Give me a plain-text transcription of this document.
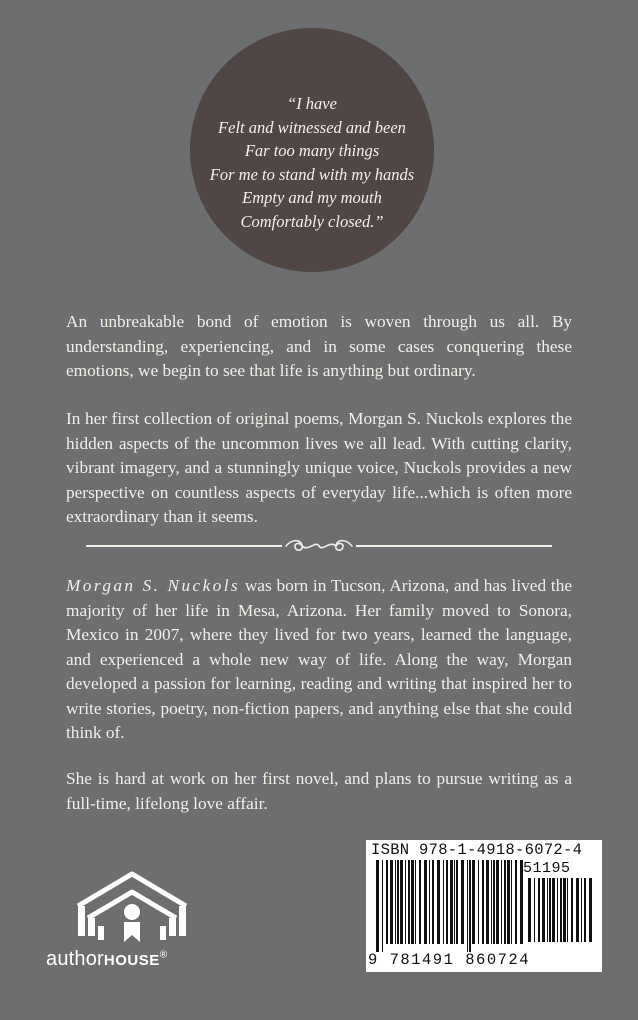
“I have
Felt and witnessed and been
Far too many things
For me to stand with my hands
Empty and my mouth
Comfortably closed.”
An unbreakable bond of emotion is woven through us all. By understanding, experiencing, and in some cases conquering these emotions, we begin to see that life is anything but ordinary.
In her first collection of original poems, Morgan S. Nuckols explores the hidden aspects of the uncommon lives we all lead. With cutting clarity, vibrant imagery, and a stunningly unique voice, Nuckols provides a new perspective on countless aspects of everyday life...which is often more extraordinary than it seems.
Morgan S. Nuckols was born in Tucson, Arizona, and has lived the majority of her life in Mesa, Arizona. Her family moved to Sonora, Mexico in 2007, where they lived for two years, learned the language, and experienced a whole new way of life. Along the way, Morgan developed a passion for learning, reading and writing that inspired her to write stories, poetry, non-fiction papers, and anything else that she could think of.
She is hard at work on her first novel, and plans to pursue writing as a full-time, lifelong love affair.
authorHOUSE®
ISBN 978-1-4918-6072-4
51195
9 781491 860724
